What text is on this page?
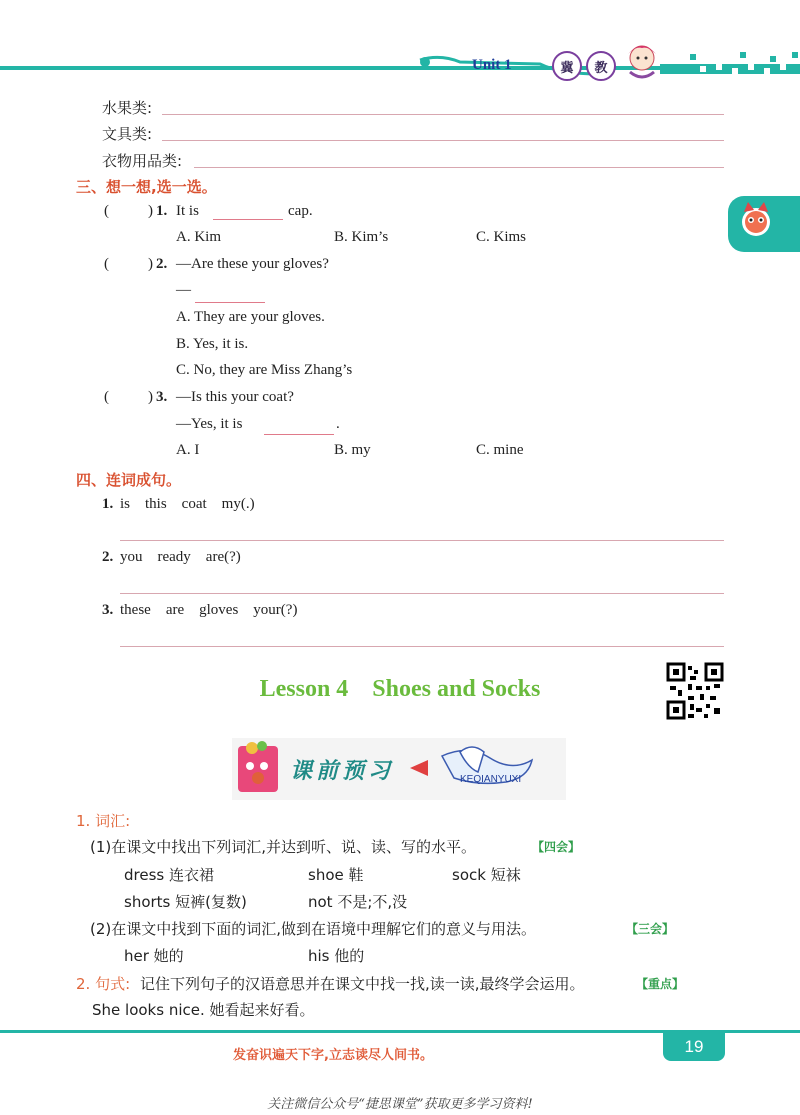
Unit 1	冀	教
水果类:
文具类:
衣物用品类:
三、想一想,选一选。
(	) 1. It is	cap.
A. Kim	B. Kim’s	C. Kims
(	) 2. —Are these your gloves?
—
A. They are your gloves.
B. Yes, it is.
C. No, they are Miss Zhang’s
(	) 3. —Is this your coat?
—Yes, it is	.
A. I	B. my	C. mine
四、连词成句。
1. is    this    coat    my(.)
2. you    ready    are(?)
3. these    are    gloves    your(?)
Lesson 4    Shoes and Socks
课前预习	KEQIANYUXI
1. 词汇:
(1)在课文中找出下列词汇,并达到听、说、读、写的水平。	【四会】
dress 连衣裙	shoe 鞋	sock 短袜
shorts 短裤(复数)	not 不是;不,没
(2)在课文中找到下面的词汇,做到在语境中理解它们的意义与用法。	【三会】
her 她的	his 他的
2. 句式: 记住下列句子的汉语意思并在课文中找一找,读一读,最终学会运用。	【重点】
She looks nice. 她看起来好看。
发奋识遍天下字,立志读尽人间书。	19
关注微信公众号“捷思课堂”获取更多学习资料!
